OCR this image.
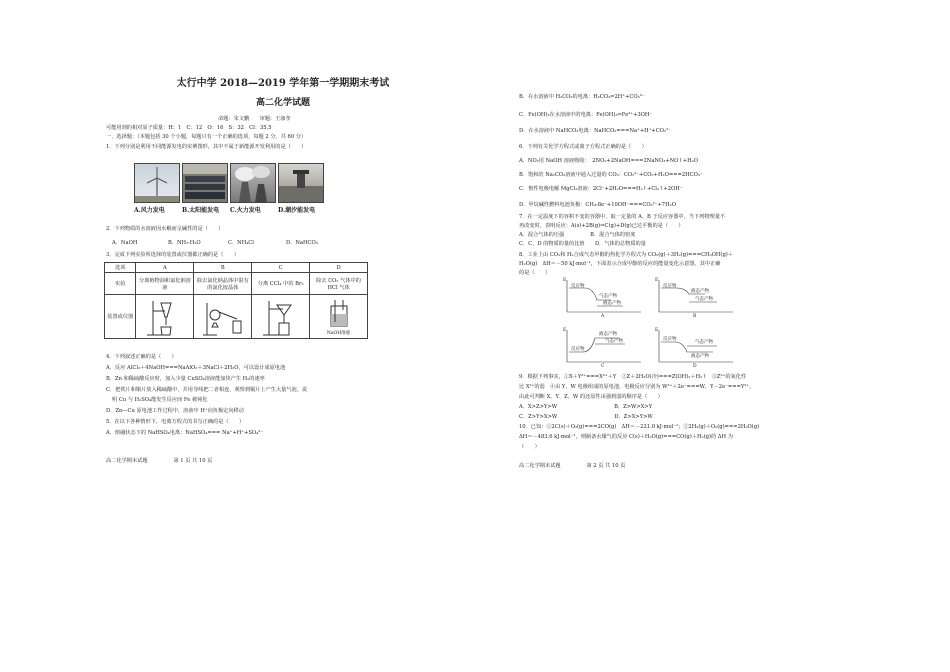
太行中学 2018—2019 学年第一学期期末考试
高二化学试题
命题：朱文鹏　　审题：王康孝
可能用到的相对原子质量：H：1　C：12　O：16　S：32　Cl：35.5
一、选择题：（本题包括 30 个小题，每题只有一个正确的选项，每题 2 分，共 60 分）
1．下列分别是利用不同能源发电的实例图形，其中不属于新能源开发利用的是（　　）
A.风力发电	B.太阳能发电 C.火力发电	D.潮汐能发电
2．下列物质的水溶液因水解而呈碱性的是（　　）
A．NaOH	B．NH₃·H₂O	C．NH₄Cl	D．NaHCO₃
3．完成下列实验所选择的装置或仪器都正确的是（　　）
选项	A	B	C	D
实验	分离植物油和氯化钠溶液	除去氯化钠晶体中混有的氯化铵晶体	分离 CCl₄ 中的 Br₂	除去 CO₂ 气体中的 HCl 气体
装置或仪器				NaOH溶液
4．下列叙述正确的是（　　）
A．反应 AlCl₃＋4NaOH===NaAlO₂＋3NaCl＋2H₂O，可以设计成原电池
B．Zn 和稀硫酸反应时，加入少量 CuSO₄溶液能加快产生 H₂的速率
C．把铁片和铜片放入稀硫酸中，并用导线把二者相连，观察到铜片上产生大量气泡，说
明 Cu 与 H₂SO₄能发生反应而 Fe 被钝化
D．Zn—Cu 原电池工作过程中，溶液中 H⁺向负极定向移动
5．在以下各种情形下，电离方程式的书写正确的是（　　）
A．熔融状态下的 NaHSO₄电离：NaHSO₄=== Na⁺+H⁺+SO₄²⁻
高二化学期末试题　　　　　第 1 页 共 10 页
B．在水溶液中 H₂CO₃的电离：H₂CO₃⇌2H⁺+CO₃²⁻
C．Fe(OH)₃在水溶液中的电离：Fe(OH)₃⇌Fe³⁺+3OH⁻
D．在水溶液中 NaHCO₃电离：NaHCO₃===Na⁺+H⁺+CO₃²⁻
6．下列有关化学方程式或离子方程式正确的是（　　）
A．NO₂用 NaOH 溶液吸收：　2NO₂+2NaOH===2NaNO₃+NO↑+H₂O
B．饱和的 Na₂CO₃溶液中通入过量的 CO₂：CO₃²⁻+CO₂+H₂O===2HCO₃⁻
C．惰性电极电解 MgCl₂溶液：2Cl⁻+2H₂O===H₂↑+Cl₂↑+2OH⁻
D．甲烷碱性燃料电池负极：CH₄-8e⁻+10OH⁻===CO₃²⁻+7H₂O
7．在一定温度下的容积不变的容器中，取一定量的 A、B 于反应容器中，当下列物理量不
再改变时，表明反应：A(s)+2B(g)⇌C(g)+D(g)已达平衡的是（　　）
A．混合气体的压强　　　　　B．混合气体的密度
C．C、D 的物质的量的比值　　D．气体的总物质的量
8．工业上由 CO₂和 H₂合成气态甲醇的热化学方程式为 CO₂(g)＋3H₂(g)===CH₃OH(g)＋
H₂O(g)　ΔH＝－50 kJ·mol⁻¹，下面表示合成甲醇的反应的能量变化示意图，其中正确
的是（　　）
E
反应物
气态产物
液态产物
A
E
反应物
液态产物
气态产物
B
E
液态产物
反应物
气态产物
C
E
反应物
液态产物
气态产物
D
9．根据下列事实，①X＋Y²⁺===X²⁺＋Y　②Z＋2H₂O(冷)===Z(OH)₂＋H₂↑　③Z²⁺的氧化性
比 X²⁺的弱　④由 Y、W 电极组成的原电池，电极反应分别为 W²⁺＋2e⁻===W，Y－2e⁻===Y²⁺，
由此可判断 X、Y、Z、W 的还原性由强到弱的顺序是（　　）
A．X>Z>Y>W　　　　　　　　　　　B．Z>W>X>Y
C．Z>Y>X>W　　　　　　　　　　　D．Z>X>Y>W
10．已知：①2C(s)＋O₂(g)===2CO(g)　ΔH＝－221.0 kJ·mol⁻¹；②2H₂(g)＋O₂(g)===2H₂O(g)
ΔH＝－483.6 kJ·mol⁻¹，则制备水煤气的反应 C(s)＋H₂O(g)===CO(g)＋H₂(g)的 ΔH 为
（　　）
高二化学期末试题　　　　　第 2 页 共 10 页
